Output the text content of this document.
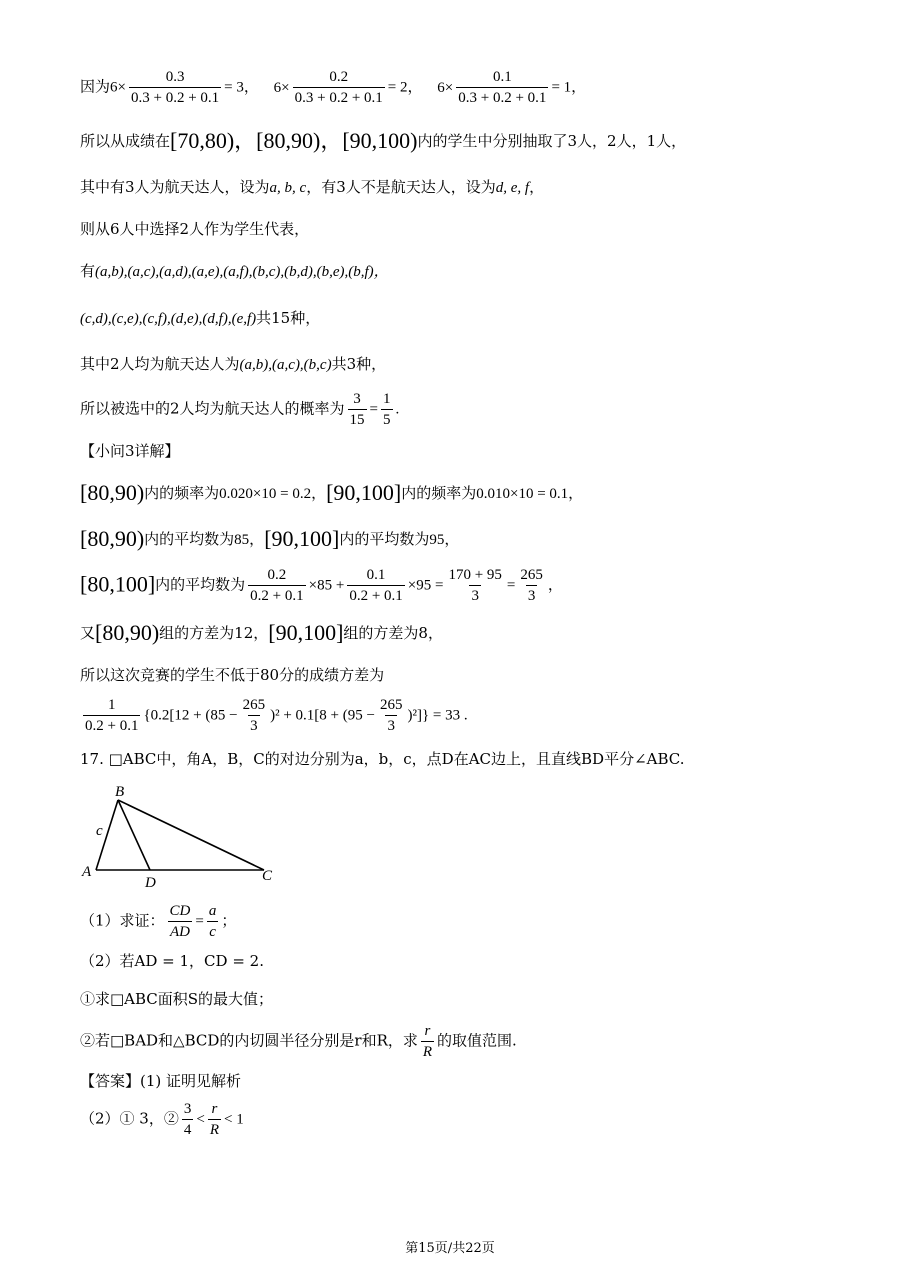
因为$6\times \frac{0.3}{0.3 + 0.2 + 0.1} = 3$， $6\times \frac{0.2}{0.3 + 0.2 + 0.1} = 2$， $6\times \frac{0.1}{0.3 + 0.2 + 0.1} = 1$，
所以从成绩在[70,80)，[80,90)，[90,100)内的学生中分别抽取了3人，2人，1人，
其中有3人为航天达人，设为a, b, c，有3人不是航天达人，设为d, e, f，
则从6人中选择2人作为学生代表，
有(a,b),(a,c),(a,d),(a,e),(a,f),(b,c),(b,d),(b,e),(b,f)，
(c,d),(c,e),(c,f),(d,e),(d,f),(e,f)共15种，
其中2人均为航天达人为(a,b),(a,c),(b,c)共3种，
所以被选中的2人均为航天达人的概率为 $\frac{3}{15} = \frac{1}{5}$ .
【小问3详解】
[80,90)内的频率为0.020×10 = 0.2，[90,100]内的频率为0.010×10 = 0.1，
[80,90)内的平均数为85，[90,100]内的平均数为95，
[80,100]内的平均数为 $\frac{0.2}{0.2 + 0.1} \times 85 + \frac{0.1}{0.2 + 0.1} \times 95 = \frac{170 + 95}{3} = \frac{265}{3}$ ，
又[80,90)组的方差为12，[90,100]组的方差为8，
所以这次竞赛的学生不低于80分的成绩方差为
$\frac{1}{0.2 + 0.1} \{0.2[12 + (85 - \frac{265}{3} )^2 + 0.1[8 + (95 - \frac{265}{3} )^2]\} = 33$ .
17. □ABC中，角A，B，C的对边分别为a，b，c，点D在AC边上，且直线BD平分∠ABC.
B
c
A
D	C
（1）求证： $\frac{CD}{AD} = \frac{a}{c}$ ；
（2）若AD = 1，CD = 2.
①求□ABC面积S的最大值；
②若□BAD和△BCD的内切圆半径分别是r和R，求 $\frac{r}{R}$ 的取值范围.
【答案】(1) 证明见解析
（2）① 3，② $\frac{3}{4} < \frac{r}{R} < 1$
第15页/共22页
